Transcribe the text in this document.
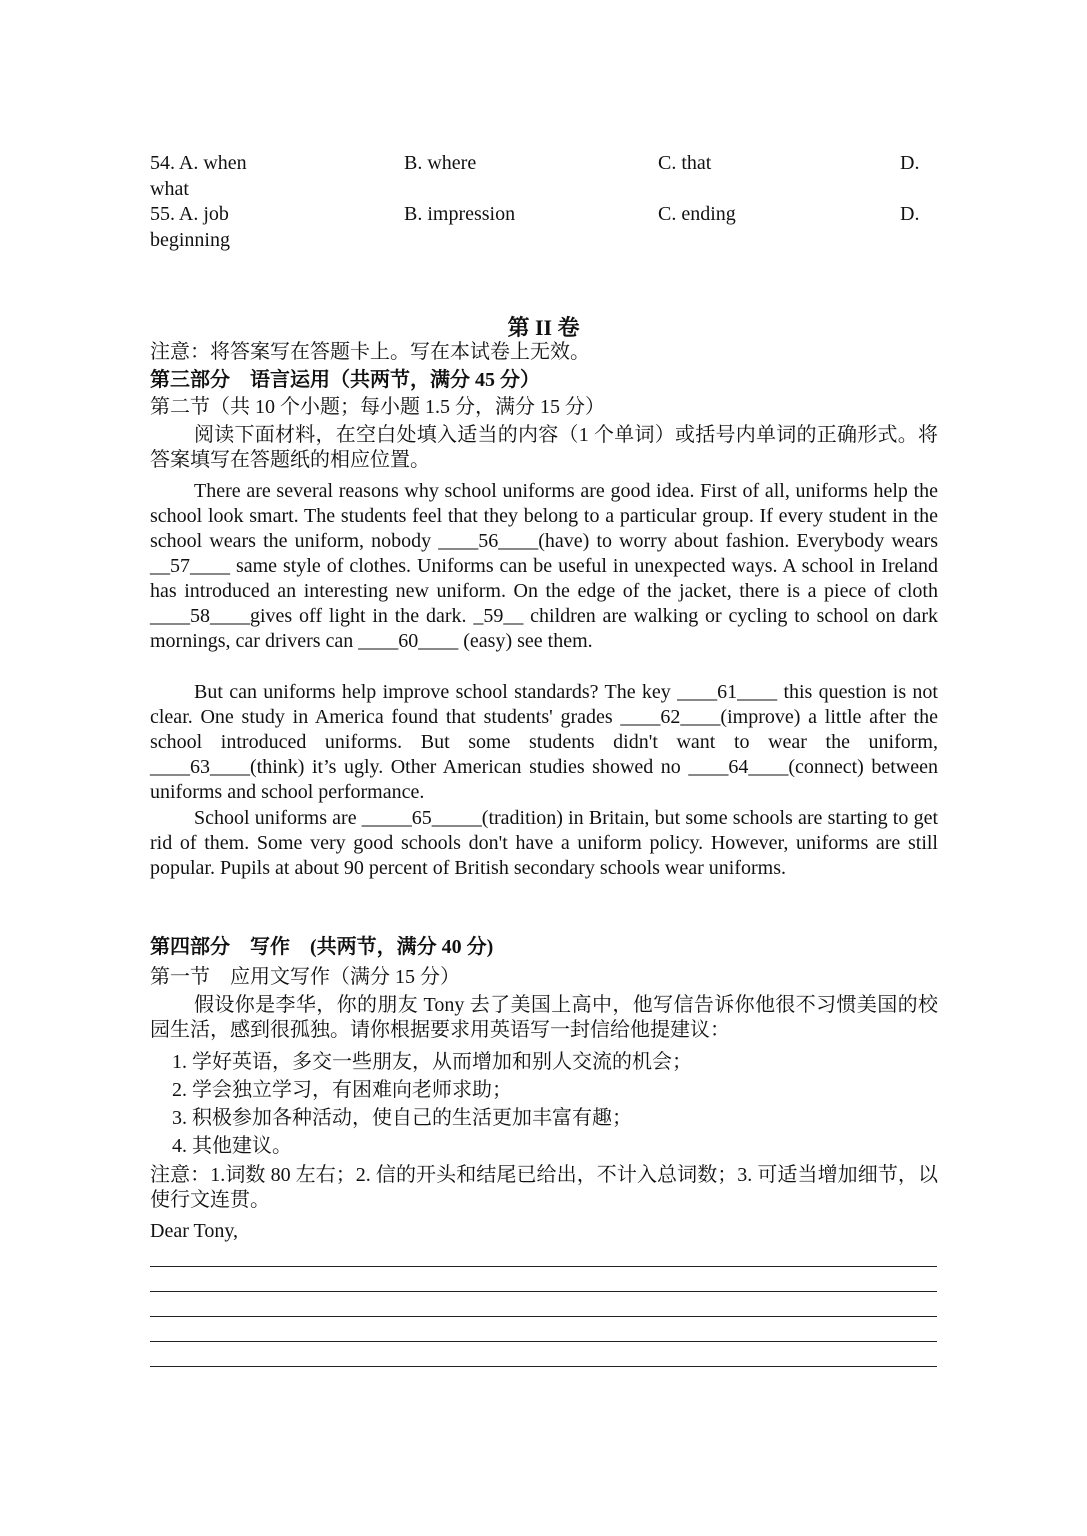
54. A. when	B. where	C. that	D.
what
55. A. job	B. impression	C. ending	D.
beginning
第 II 卷
注意：将答案写在答题卡上。写在本试卷上无效。
第三部分　语言运用（共两节，满分 45 分）
第二节（共 10 个小题；每小题 1.5 分，满分 15 分）
阅读下面材料，在空白处填入适当的内容（1 个单词）或括号内单词的正确形式。将答案填写在答题纸的相应位置。
There are several reasons why school uniforms are good idea. First of all, uniforms help the school look smart. The students feel that they belong to a particular group. If every student in the school wears the uniform, nobody ____56____(have) to worry about fashion. Everybody wears __57____ same style of clothes. Uniforms can be useful in unexpected ways. A school in Ireland has introduced an interesting new uniform. On the edge of the jacket, there is a piece of cloth ____58____gives off light in the dark. _59__ children are walking or cycling to school on dark mornings, car drivers can ____60____ (easy) see them.
But can uniforms help improve school standards? The key ____61____ this question is not clear. One study in America found that students' grades ____62____(improve) a little after the school introduced uniforms. But some students didn't want to wear the uniform, ____63____(think) it’s ugly. Other American studies showed no ____64____(connect) between uniforms and school performance.
School uniforms are _____65_____(tradition) in Britain, but some schools are starting to get rid of them. Some very good schools don't have a uniform policy. However, uniforms are still popular. Pupils at about 90 percent of British secondary schools wear uniforms.
第四部分　写作　(共两节，满分 40 分)
第一节　应用文写作（满分 15 分）
假设你是李华，你的朋友 Tony 去了美国上高中，他写信告诉你他很不习惯美国的校园生活，感到很孤独。请你根据要求用英语写一封信给他提建议：
1. 学好英语，多交一些朋友，从而增加和别人交流的机会；
2. 学会独立学习，有困难向老师求助；
3. 积极参加各种活动，使自己的生活更加丰富有趣；
4. 其他建议。
注意：1.词数 80 左右；2. 信的开头和结尾已给出，不计入总词数；3. 可适当增加细节，以使行文连贯。
Dear Tony,
